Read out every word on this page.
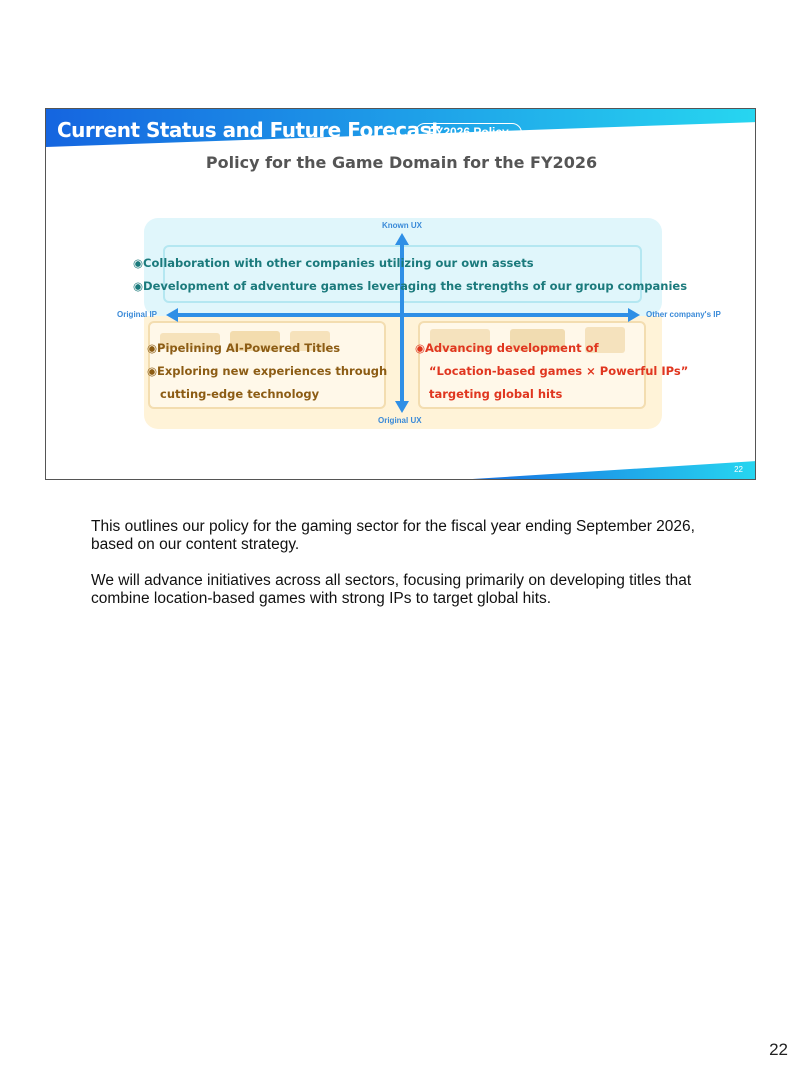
Current Status and Future Forecast
FY2026 Policy
Policy for the Game Domain for the FY2026
Known UX
Original UX
Original IP	Other company's IP
◉Collaboration with other companies utilizing our own assets
◉Development of adventure games leveraging the strengths of our group companies
◉Pipelining AI-Powered Titles
◉Exploring new experiences through
cutting-edge technology
◉Advancing development of
“Location-based games × Powerful IPs”
targeting global hits
22

This outlines our policy for the gaming sector for the fiscal year ending September 2026, based on our content strategy.

We will advance initiatives across all sectors, focusing primarily on developing titles that combine location-based games with strong IPs to target global hits.

22
